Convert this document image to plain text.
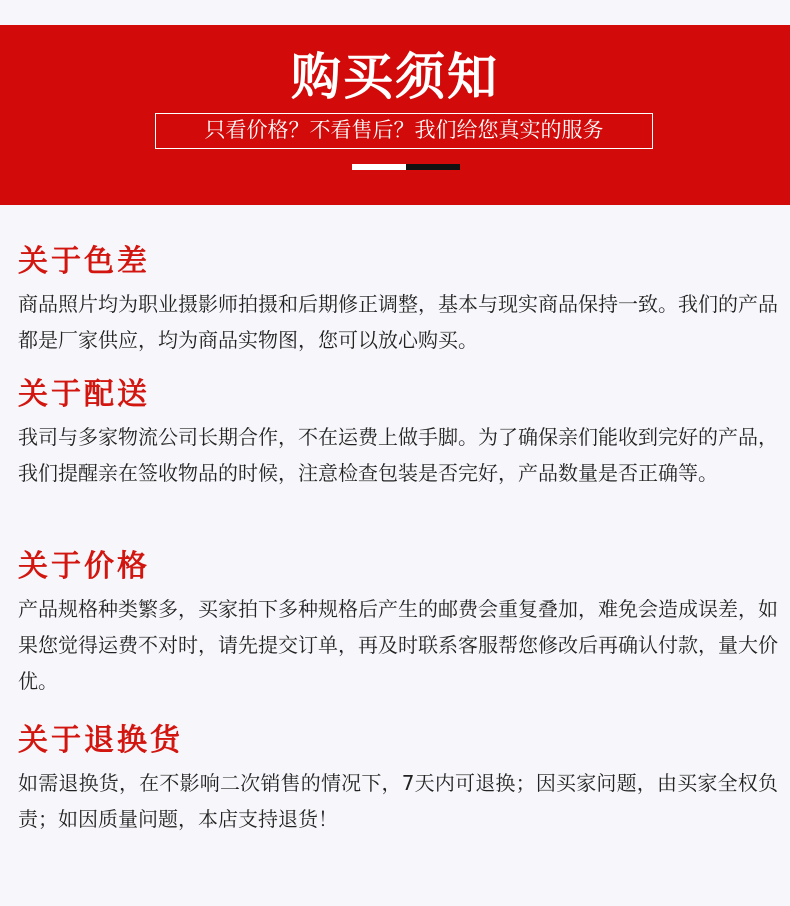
购买须知
只看价格？不看售后？我们给您真实的服务
关于色差
商品照片均为职业摄影师拍摄和后期修正调整，基本与现实商品保持一致。我们的产品都是厂家供应，均为商品实物图，您可以放心购买。
关于配送
我司与多家物流公司长期合作，不在运费上做手脚。为了确保亲们能收到完好的产品，我们提醒亲在签收物品的时候，注意检查包装是否完好，产品数量是否正确等。
关于价格
产品规格种类繁多，买家拍下多种规格后产生的邮费会重复叠加，难免会造成误差，如果您觉得运费不对时，请先提交订单，再及时联系客服帮您修改后再确认付款，量大价优。
关于退换货
如需退换货，在不影响二次销售的情况下，7天内可退换；因买家问题，由买家全权负责；如因质量问题，本店支持退货！
